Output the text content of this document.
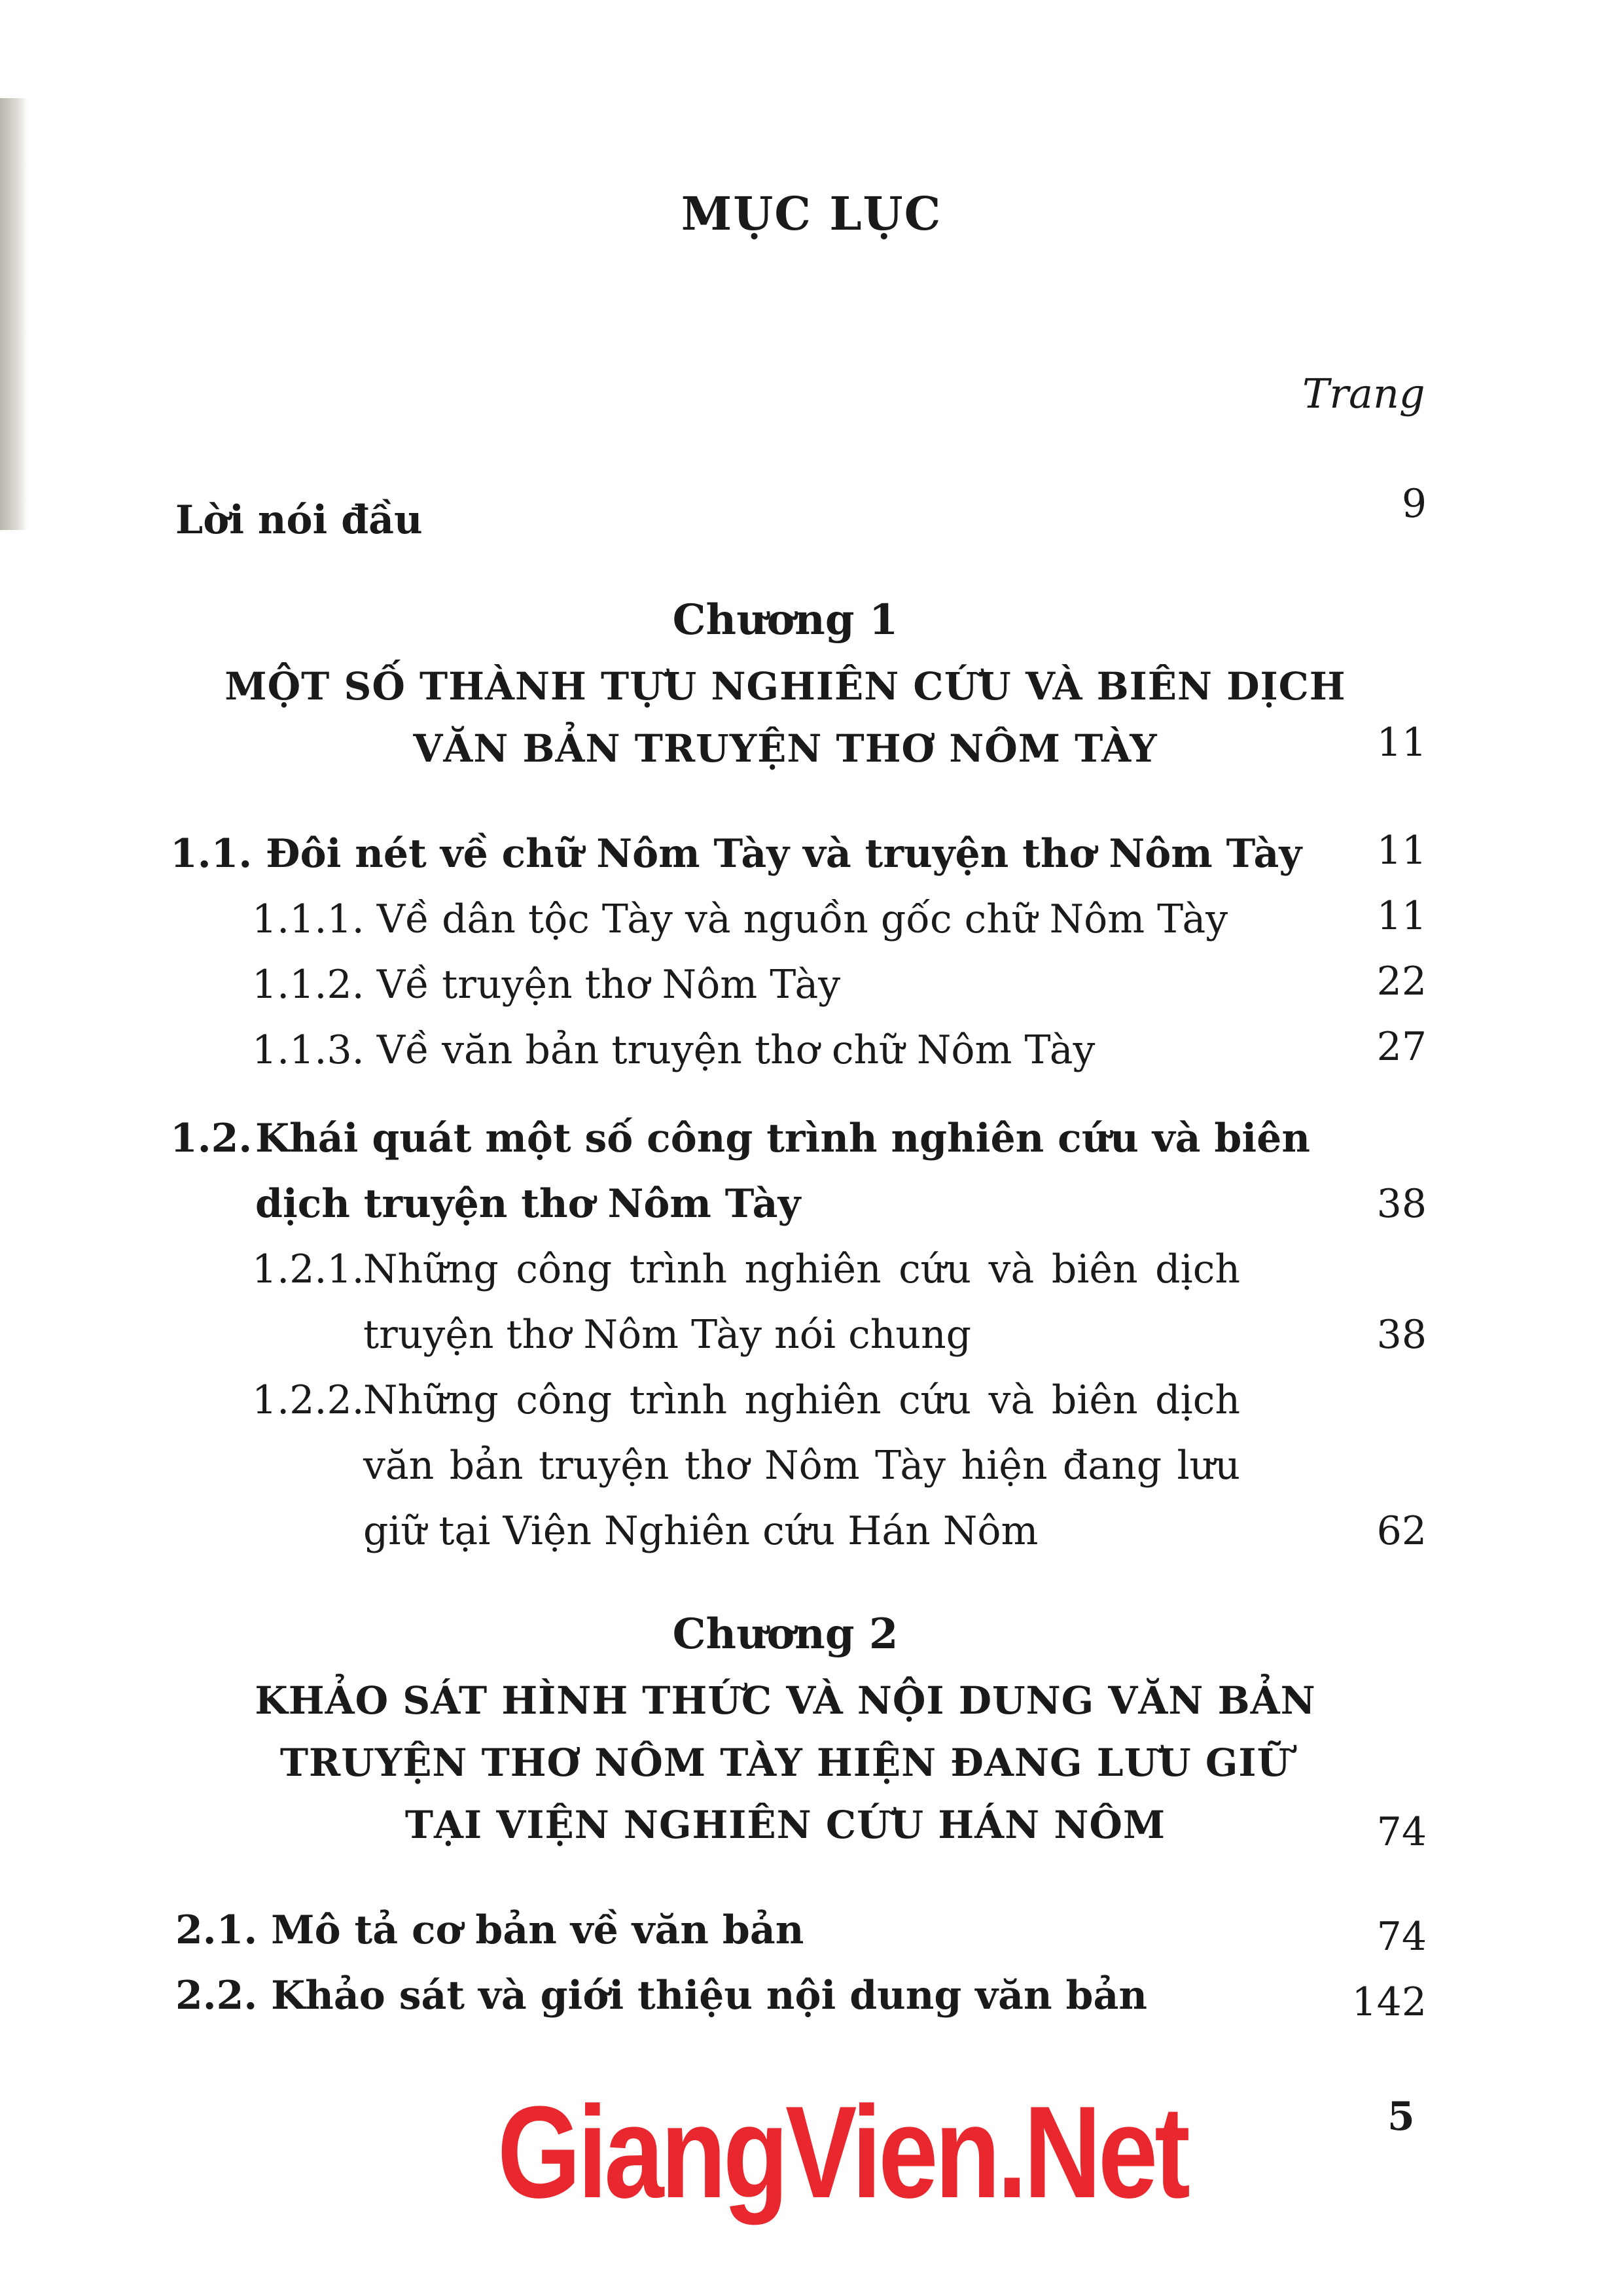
MỤC LỤC
Trang
Lời nói đầu	9
Chương 1
MỘT SỐ THÀNH TỰU NGHIÊN CỨU VÀ BIÊN DỊCH
VĂN BẢN TRUYỆN THƠ NÔM TÀY	11
1.1. Đôi nét về chữ Nôm Tày và truyện thơ Nôm Tày	11
1.1.1. Về dân tộc Tày và nguồn gốc chữ Nôm Tày	11
1.1.2. Về truyện thơ Nôm Tày	22
1.1.3. Về văn bản truyện thơ chữ Nôm Tày	27
1.2. Khái quát một số công trình nghiên cứu và biên
dịch truyện thơ Nôm Tày	38
1.2.1.
Những công trình nghiên cứu và biên dịch
truyện thơ Nôm Tày nói chung	38
1.2.2.
Những công trình nghiên cứu và biên dịch
văn bản truyện thơ Nôm Tày hiện đang lưu
giữ tại Viện Nghiên cứu Hán Nôm	62
Chương 2
KHẢO SÁT HÌNH THỨC VÀ NỘI DUNG VĂN BẢN
TRUYỆN THƠ NÔM TÀY HIỆN ĐANG LƯU GIỮ
TẠI VIỆN NGHIÊN CỨU HÁN NÔM	74
2.1. Mô tả cơ bản về văn bản	74
2.2. Khảo sát và giới thiệu nội dung văn bản	142
GiangVien.Net	5
